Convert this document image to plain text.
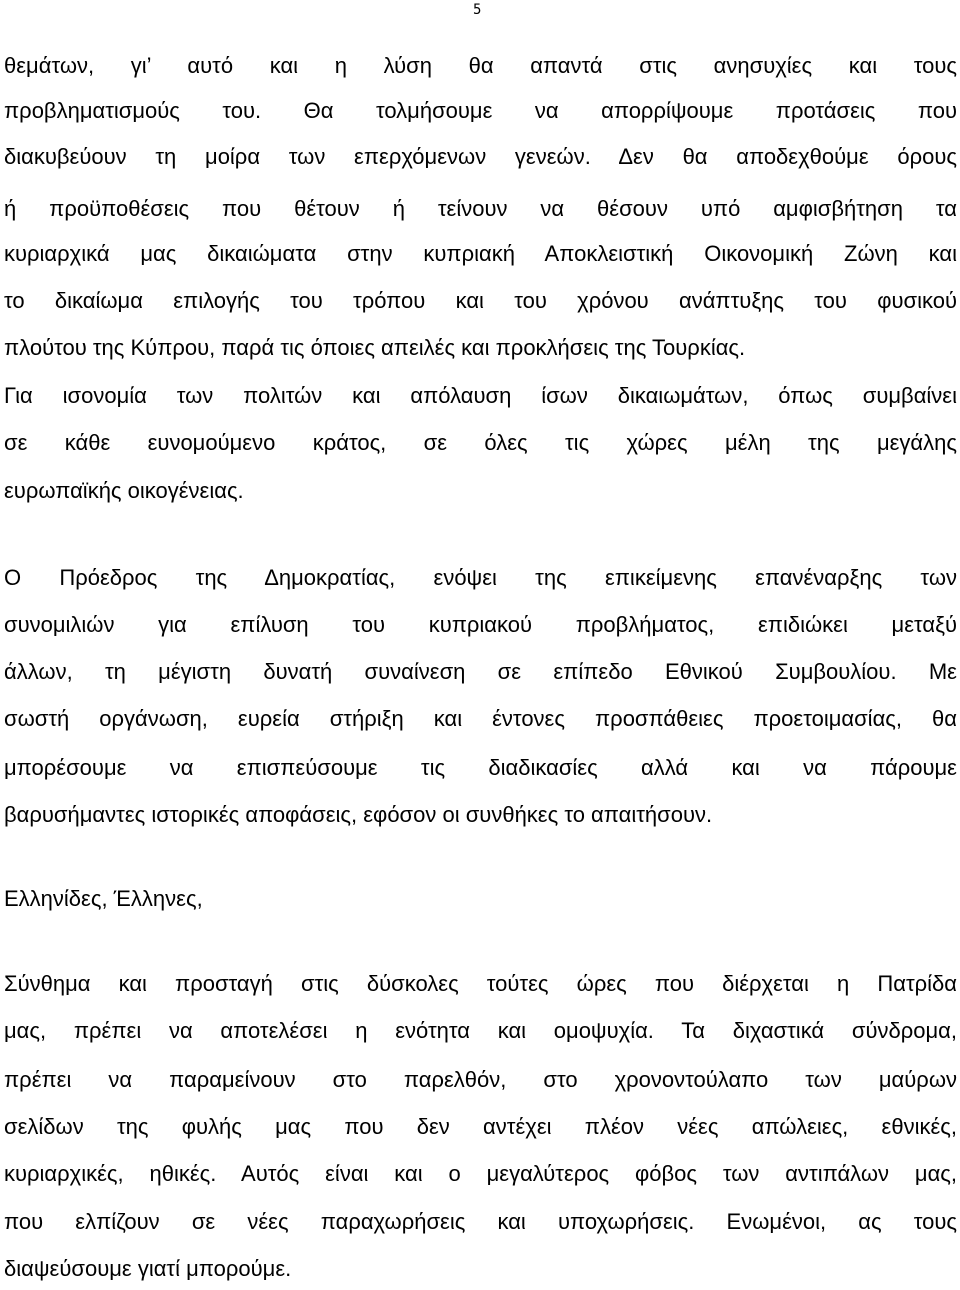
5
θεμάτων, γι’ αυτό και η λύση θα απαντά στις ανησυχίες και τους
προβληματισμούς του. Θα τολμήσουμε να απορρίψουμε προτάσεις που
διακυβεύουν τη μοίρα των επερχόμενων γενεών. Δεν θα αποδεχθούμε όρους
ή προϋποθέσεις που θέτουν ή τείνουν να θέσουν υπό αμφισβήτηση τα
κυριαρχικά μας δικαιώματα στην κυπριακή Αποκλειστική Οικονομική Ζώνη και
το δικαίωμα επιλογής του τρόπου και του χρόνου ανάπτυξης του φυσικού
πλούτου της Κύπρου, παρά τις όποιες απειλές και προκλήσεις της Τουρκίας.
Για ισονομία των πολιτών και απόλαυση ίσων δικαιωμάτων, όπως συμβαίνει
σε κάθε ευνομούμενο κράτος, σε όλες τις χώρες μέλη της μεγάλης
ευρωπαϊκής οικογένειας.
Ο Πρόεδρος της Δημοκρατίας, ενόψει της επικείμενης επανέναρξης των
συνομιλιών για επίλυση του κυπριακού προβλήματος, επιδιώκει μεταξύ
άλλων, τη μέγιστη δυνατή συναίνεση σε επίπεδο Εθνικού Συμβουλίου. Με
σωστή οργάνωση, ευρεία στήριξη και έντονες προσπάθειες προετοιμασίας, θα
μπορέσουμε να επισπεύσουμε τις διαδικασίες αλλά και να πάρουμε
βαρυσήμαντες ιστορικές αποφάσεις, εφόσον οι συνθήκες το απαιτήσουν.
Ελληνίδες, Έλληνες,
Σύνθημα και προσταγή στις δύσκολες τούτες ώρες που διέρχεται η Πατρίδα
μας, πρέπει να αποτελέσει η ενότητα και ομοψυχία. Τα διχαστικά σύνδρομα,
πρέπει να παραμείνουν στο παρελθόν, στο χρονοντούλαπο των μαύρων
σελίδων της φυλής μας που δεν αντέχει πλέον νέες απώλειες, εθνικές,
κυριαρχικές, ηθικές. Αυτός είναι και ο μεγαλύτερος φόβος των αντιπάλων μας,
που ελπίζουν σε νέες παραχωρήσεις και υποχωρήσεις. Ενωμένοι, ας τους
διαψεύσουμε γιατί μπορούμε.
